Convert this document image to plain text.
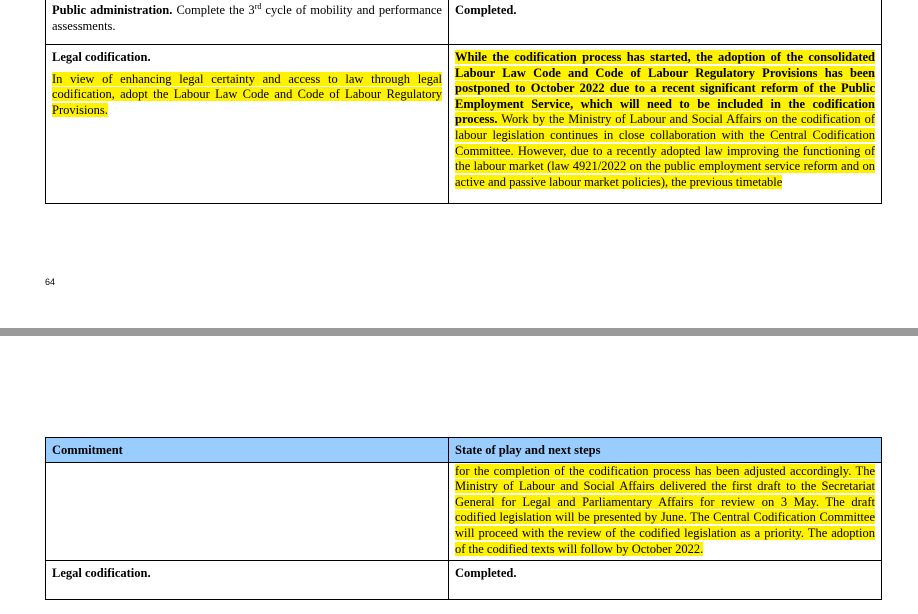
Public administration. Complete the 3rd cycle of mobility and performance assessments.	Completed.

Legal codification.
In view of enhancing legal certainty and access to law through legal codification, adopt the Labour Law Code and Code of Labour Regulatory Provisions.	While the codification process has started, the adoption of the consolidated Labour Law Code and Code of Labour Regulatory Provisions has been postponed to October 2022 due to a recent significant reform of the Public Employment Service, which will need to be included in the codification process. Work by the Ministry of Labour and Social Affairs on the codification of labour legislation continues in close collaboration with the Central Codification Committee. However, due to a recently adopted law improving the functioning of the labour market (law 4921/2022 on the public employment service reform and on active and passive labour market policies), the previous timetable
64
Commitment	State of play and next steps
	for the completion of the codification process has been adjusted accordingly. The Ministry of Labour and Social Affairs delivered the first draft to the Secretariat General for Legal and Parliamentary Affairs for review on 3 May. The draft codified legislation will be presented by June. The Central Codification Committee will proceed with the review of the codified legislation as a priority. The adoption of the codified texts will follow by October 2022.
Legal codification.	Completed.
